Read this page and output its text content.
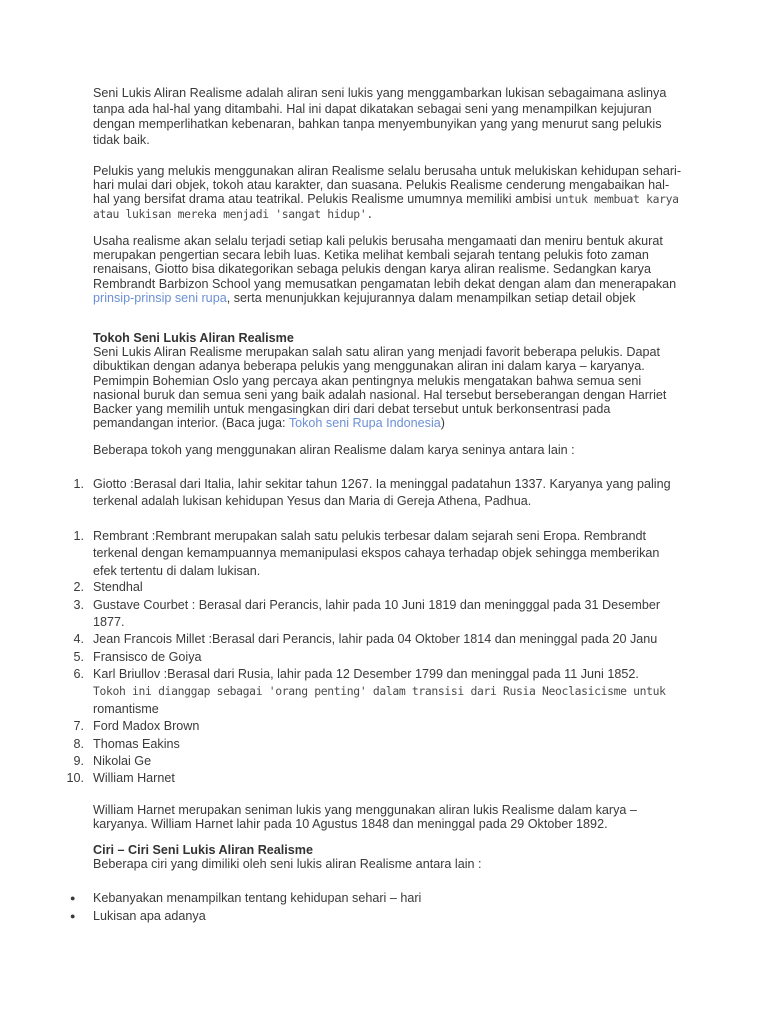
Seni Lukis Aliran Realisme adalah aliran seni lukis yang menggambarkan lukisan sebagaimana aslinya tanpa ada hal-hal yang ditambahi. Hal ini dapat dikatakan sebagai seni yang menampilkan kejujuran dengan memperlihatkan kebenaran, bahkan tanpa menyembunyikan yang yang menurut sang pelukis tidak baik.

Pelukis yang melukis menggunakan aliran Realisme selalu berusaha untuk melukiskan kehidupan sehari-hari mulai dari objek, tokoh atau karakter, dan suasana. Pelukis Realisme cenderung mengabaikan hal-hal yang bersifat drama atau teatrikal. Pelukis Realisme umumnya memiliki ambisi untuk membuat karya atau lukisan mereka menjadi 'sangat hidup'.
Usaha realisme akan selalu terjadi setiap kali pelukis berusaha mengamaati dan meniru bentuk akurat merupakan pengertian secara lebih luas. Ketika melihat kembali sejarah tentang pelukis foto zaman renaisans, Giotto bisa dikategorikan sebaga pelukis dengan karya aliran realisme. Sedangkan karya Rembrandt Barbizon School yang memusatkan pengamatan lebih dekat dengan alam dan menerapakan prinsip-prinsip seni rupa, serta menunjukkan kejujurannya dalam menampilkan setiap detail objek
Tokoh Seni Lukis Aliran Realisme
Seni Lukis Aliran Realisme merupakan salah satu aliran yang menjadi favorit beberapa pelukis. Dapat dibuktikan dengan adanya beberapa pelukis yang menggunakan aliran ini dalam karya – karyanya. Pemimpin Bohemian Oslo yang percaya akan pentingnya melukis mengatakan bahwa semua seni nasional buruk dan semua seni yang baik adalah nasional. Hal tersebut berseberangan dengan Harriet Backer yang memilih untuk mengasingkan diri dari debat tersebut untuk berkonsentrasi pada pemandangan interior. (Baca juga: Tokoh seni Rupa Indonesia)

Beberapa tokoh yang menggunakan aliran Realisme dalam karya seninya antara lain :

1. Giotto :Berasal dari Italia, lahir sekitar tahun 1267. Ia meninggal padatahun 1337. Karyanya yang paling terkenal adalah lukisan kehidupan Yesus dan Maria di Gereja Athena, Padhua.
1. Rembrant :Rembrant merupakan salah satu pelukis terbesar dalam sejarah seni Eropa. Rembrandt terkenal dengan kemampuannya memanipulasi ekspos cahaya terhadap objek sehingga memberikan efek tertentu di dalam lukisan.
2. Stendhal
3. Gustave Courbet : Berasal dari Perancis, lahir pada 10 Juni 1819 dan meningggal pada 31 Desember 1877.
4. Jean Francois Millet :Berasal dari Perancis, lahir pada 04 Oktober 1814 dan meninggal pada 20 Janu
5. Fransisco de Goiya
6. Karl Briullov :Berasal dari Rusia, lahir pada 12 Desember 1799 dan meninggal pada 11 Juni 1852.
Tokoh ini dianggap sebagai 'orang penting' dalam transisi dari Rusia Neoclasicisme untuk
romantisme
7. Ford Madox Brown
8. Thomas Eakins
9. Nikolai Ge
10. William Harnet

William Harnet merupakan seniman lukis yang menggunakan aliran lukis Realisme dalam karya – karyanya. William Harnet lahir pada 10 Agustus 1848 dan meninggal pada 29 Oktober 1892.

Ciri – Ciri Seni Lukis Aliran Realisme
Beberapa ciri yang dimiliki oleh seni lukis aliran Realisme antara lain :
● Kebanyakan menampilkan tentang kehidupan sehari – hari
● Lukisan apa adanya
